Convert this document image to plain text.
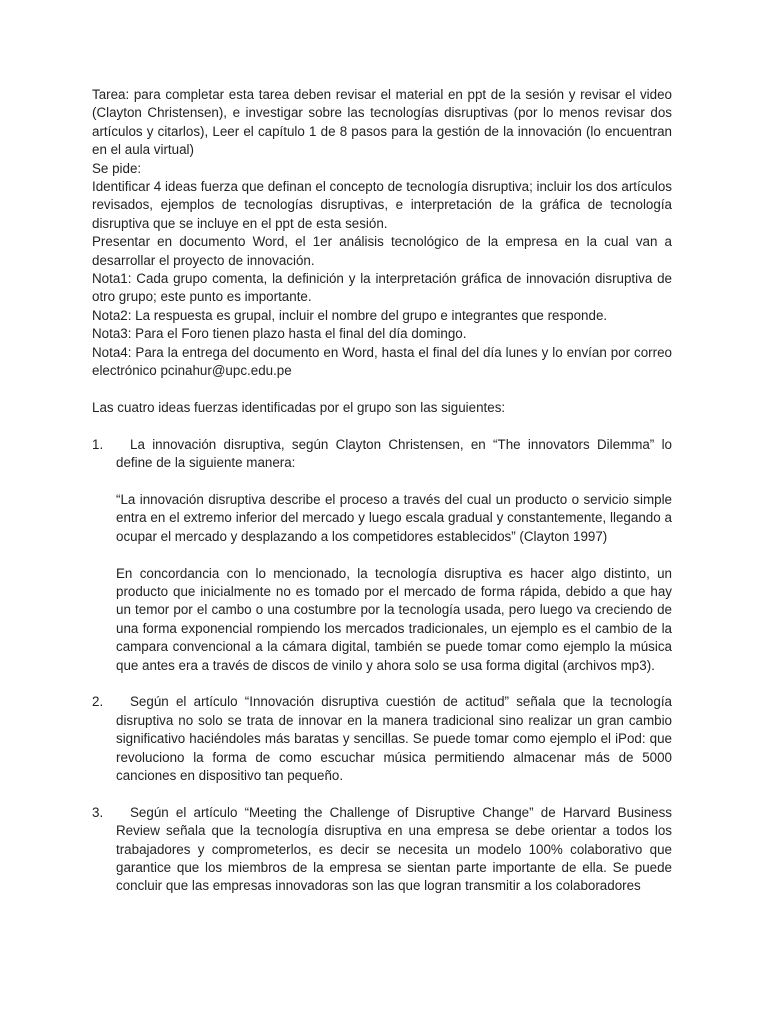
Tarea: para completar esta tarea deben revisar el material en ppt de la sesión y revisar el video (Clayton Christensen), e investigar sobre las tecnologías disruptivas (por lo menos revisar dos artículos y citarlos), Leer el capítulo 1 de 8 pasos para la gestión de la innovación (lo encuentran en el aula virtual)

Se pide:

Identificar 4 ideas fuerza que definan el concepto de tecnología disruptiva; incluir los dos artículos revisados, ejemplos de tecnologías disruptivas, e interpretación de la gráfica de tecnología disruptiva que se incluye en el ppt de esta sesión.

Presentar en documento Word, el 1er análisis tecnológico de la empresa en la cual van a desarrollar el proyecto de innovación.

Nota1: Cada grupo comenta, la definición y la interpretación gráfica de innovación disruptiva de otro grupo; este punto es importante.

Nota2: La respuesta es grupal, incluir el nombre del grupo e integrantes que responde.

Nota3: Para el Foro tienen plazo hasta el final del día domingo.

Nota4: Para la entrega del documento en Word, hasta el final del día lunes y lo envían por correo electrónico pcinahur@upc.edu.pe

Las cuatro ideas fuerzas identificadas por el grupo son las siguientes:

1.	La innovación disruptiva, según Clayton Christensen, en “The innovators Dilemma” lo define de la siguiente manera:

“La innovación disruptiva describe el proceso a través del cual un producto o servicio simple entra en el extremo inferior del mercado y luego escala gradual y constantemente, llegando a ocupar el mercado y desplazando a los competidores establecidos” (Clayton 1997)

En concordancia con lo mencionado, la tecnología disruptiva es hacer algo distinto, un producto que inicialmente no es tomado por el mercado de forma rápida, debido a que hay un temor por el cambo o una costumbre por la tecnología usada, pero luego va creciendo de una forma exponencial rompiendo los mercados tradicionales, un ejemplo es el cambio de la campara convencional a la cámara digital, también se puede tomar como ejemplo la música que antes era a través de discos de vinilo y ahora solo se usa forma digital (archivos mp3).

2.	Según el artículo “Innovación disruptiva cuestión de actitud” señala que la tecnología disruptiva no solo se trata de innovar en la manera tradicional sino realizar un gran cambio significativo haciéndoles más baratas y sencillas. Se puede tomar como ejemplo el iPod: que revoluciono la forma de como escuchar música permitiendo almacenar más de 5000 canciones en dispositivo tan pequeño.

3.	Según el artículo “Meeting the Challenge of Disruptive Change” de Harvard Business Review señala que la tecnología disruptiva en una empresa se debe orientar a todos los trabajadores y comprometerlos, es decir se necesita un modelo 100% colaborativo que garantice que los miembros de la empresa se sientan parte importante de ella. Se puede concluir que las empresas innovadoras son las que logran transmitir a los colaboradores
